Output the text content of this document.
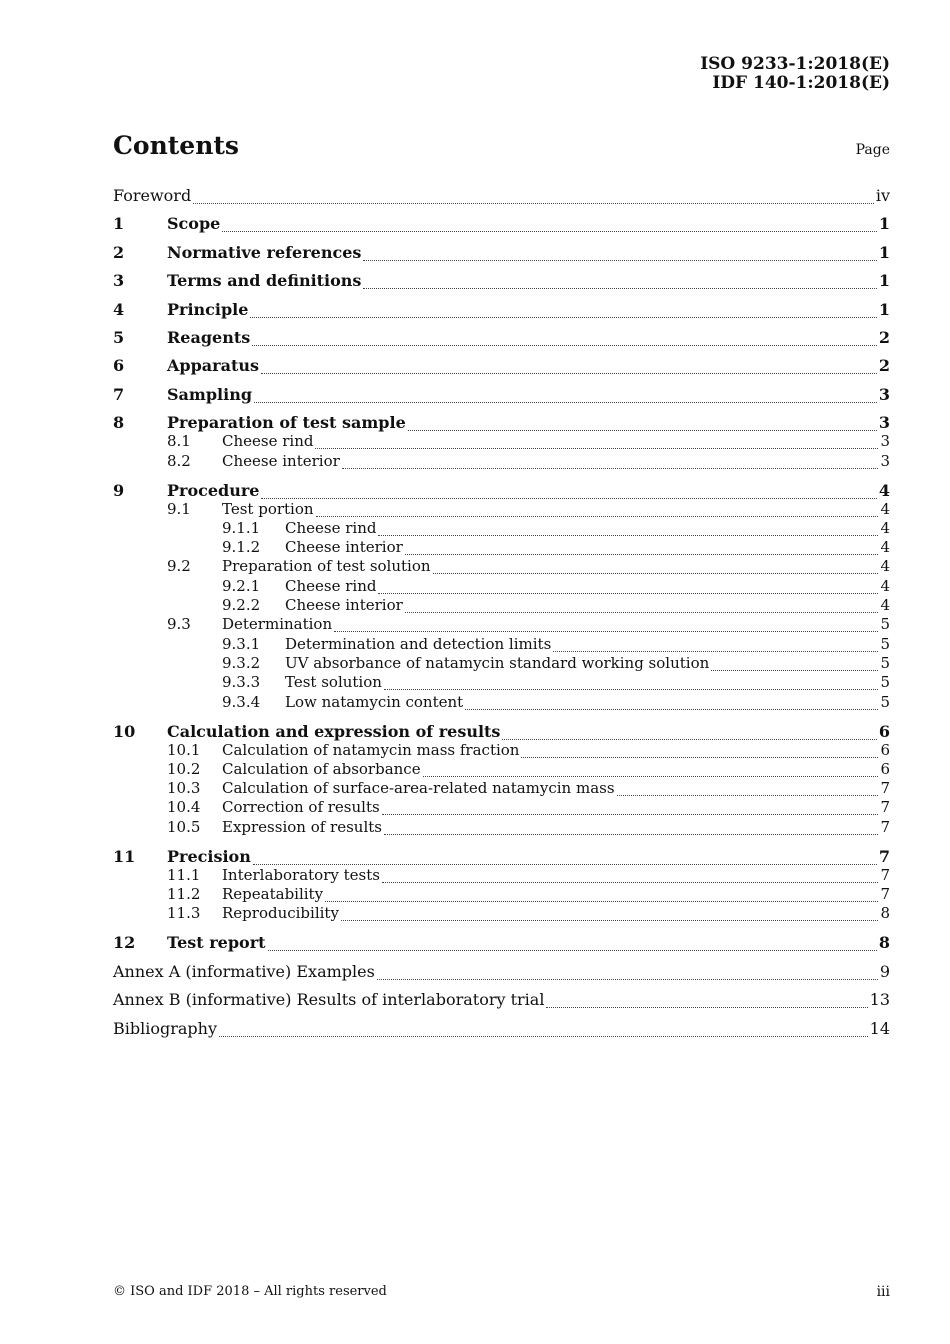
ISO 9233-1:2018(E)
IDF 140-1:2018(E)
Contents	Page
Foreword	iv
1	Scope	1
2	Normative references	1
3	Terms and definitions	1
4	Principle	1
5	Reagents	2
6	Apparatus	2
7	Sampling	3
8	Preparation of test sample	3
8.1	Cheese rind	3
8.2	Cheese interior	3
9	Procedure	4
9.1	Test portion	4
9.1.1	Cheese rind	4
9.1.2	Cheese interior	4
9.2	Preparation of test solution	4
9.2.1	Cheese rind	4
9.2.2	Cheese interior	4
9.3	Determination	5
9.3.1	Determination and detection limits	5
9.3.2	UV absorbance of natamycin standard working solution	5
9.3.3	Test solution	5
9.3.4	Low natamycin content	5
10	Calculation and expression of results	6
10.1	Calculation of natamycin mass fraction	6
10.2	Calculation of absorbance	6
10.3	Calculation of surface-area-related natamycin mass	7
10.4	Correction of results	7
10.5	Expression of results	7
11	Precision	7
11.1	Interlaboratory tests	7
11.2	Repeatability	7
11.3	Reproducibility	8
12	Test report	8
Annex A (informative) Examples	9
Annex B (informative) Results of interlaboratory trial	13
Bibliography	14
© ISO and IDF 2018 – All rights reserved	iii
